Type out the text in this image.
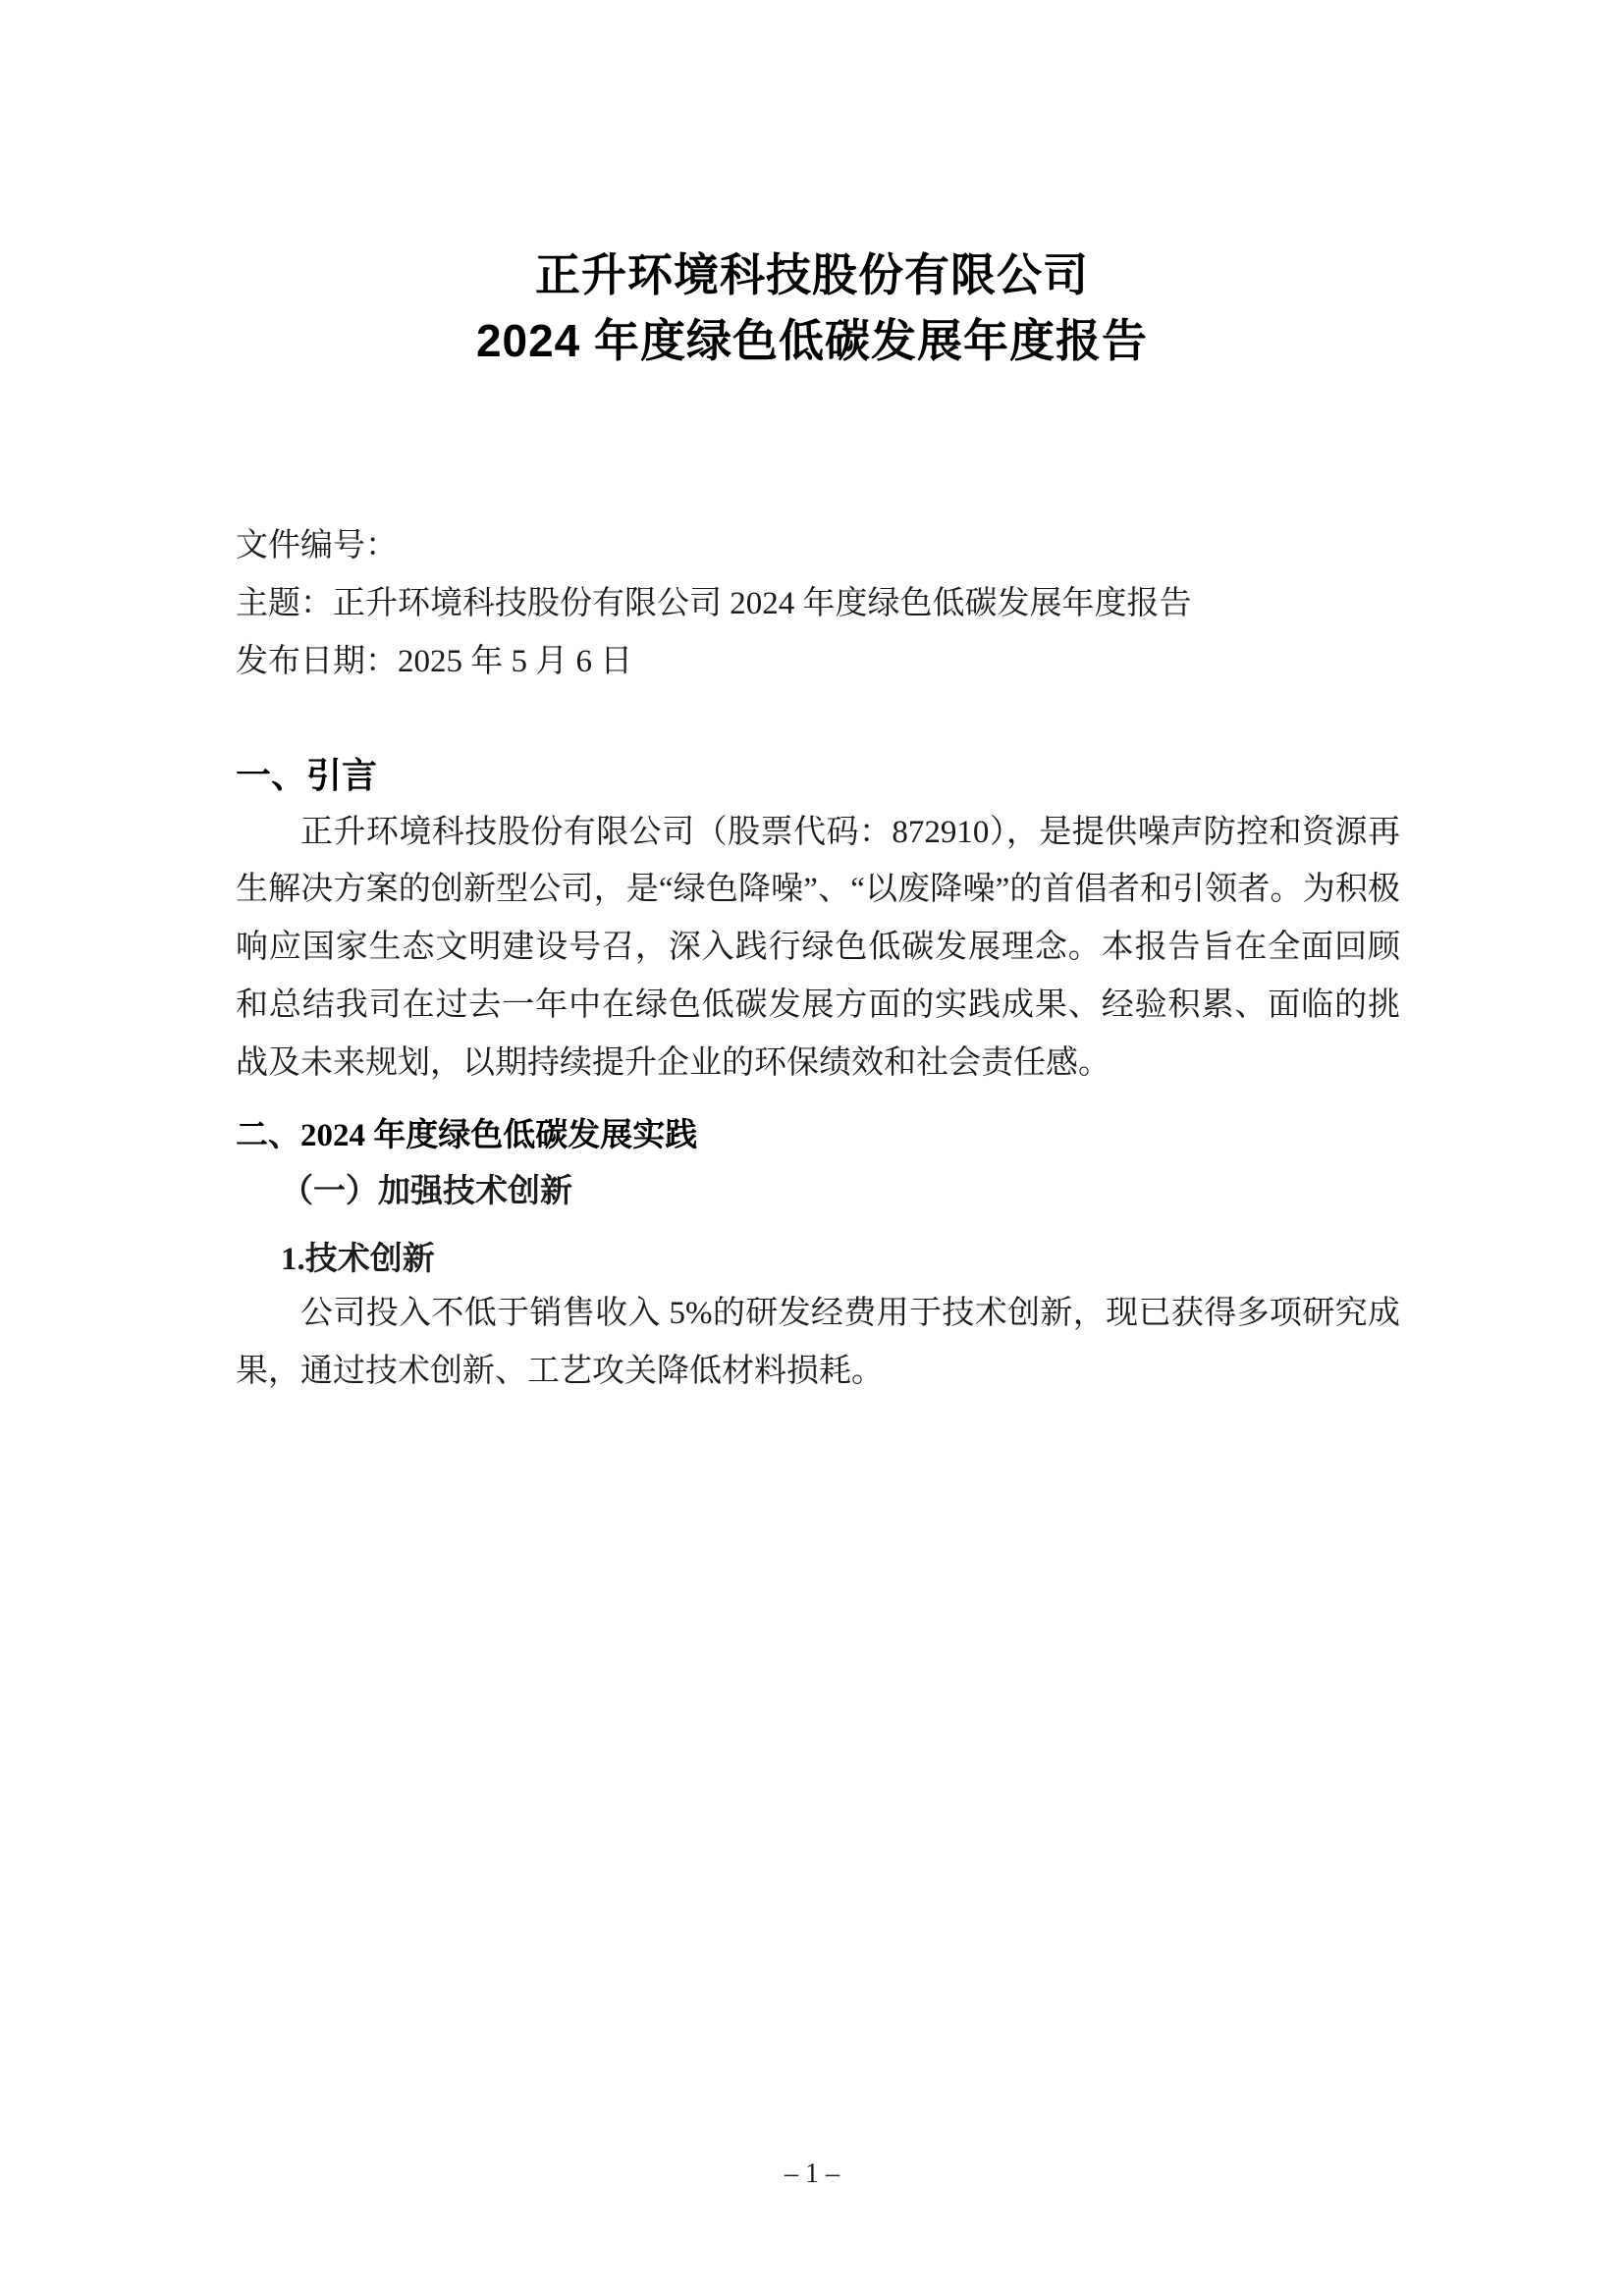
正升环境科技股份有限公司
2024 年度绿色低碳发展年度报告
文件编号：
主题：正升环境科技股份有限公司 2024 年度绿色低碳发展年度报告
发布日期：2025 年 5 月 6 日
一、引言

正升环境科技股份有限公司（股票代码：872910），是提供噪声防控和资源再生解决方案的创新型公司，是“绿色降噪”、“以废降噪”的首倡者和引领者。为积极响应国家生态文明建设号召，深入践行绿色低碳发展理念。本报告旨在全面回顾和总结我司在过去一年中在绿色低碳发展方面的实践成果、经验积累、面临的挑战及未来规划，以期持续提升企业的环保绩效和社会责任感。

二、2024 年度绿色低碳发展实践
（一）加强技术创新
1.技术创新

公司投入不低于销售收入 5%的研发经费用于技术创新，现已获得多项研究成果，通过技术创新、工艺攻关降低材料损耗。

– 1 –
